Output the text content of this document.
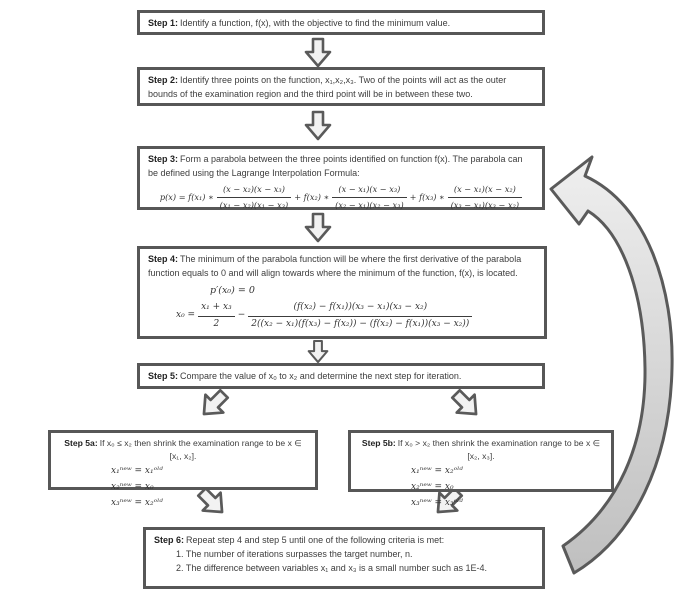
Step 1: Identify a function, f(x), with the objective to find the minimum value.
Step 2: Identify three points on the function, x₁,x₂,x₃. Two of the points will act as the outer bounds of the examination region and the third point will be in between these two.
Step 3: Form a parabola between the three points identified on function f(x). The parabola can be defined using the Lagrange Interpolation Formula:
p(x) = f(x₁) ∗ $\frac{\text{(x − x₂)(x − x₃)}}{\text{(x₁ − x₂)(x₁ − x₃)}} + f(x_2)$ ∗ $\frac{\text{(x − x₁)(x − x₃)}}{\text{(x₂ − x₁)(x₂ − x₃)}} + f(x_3)$ ∗ $\frac{\text{(x − x₁)(x − x₂)}}{\text{(x₃ − x₁)(x₃ − x₂)}}$
Step 4: The minimum of the parabola function will be where the first derivative of the parabola function equals to 0 and will align towards where the minimum of the function, f(x), is located.
p′(x₀) = 0
$x_0 = \frac{\text{x₁ + x₃}}{2} - \frac{\text{(f(x₂) − f(x₁))(x₃ − x₁)(x₃ − x₂)}}{\text{2((x₂ − x₁)(f(x₃) − f(x₂)) − (f(x₂) − f(x₁))(x₃ − x₂))}}$
Step 5: Compare the value of x₀ to x₂ and determine the next step for iteration.
Step 5a: If x₀ ≤ x₂ then shrink the examination range to be x ∈ [x₁, x₂].
x₁ⁿᵉʷ = x₁ᵒˡᵈ
x₂ⁿᵉʷ = x₀
x₃ⁿᵉʷ = x₂ᵒˡᵈ
Step 5b: If x₀ > x₂ then shrink the examination range to be x ∈ [x₂, x₃].
x₁ⁿᵉʷ = x₂ᵒˡᵈ
x₂ⁿᵉʷ = x₀
x₃ⁿᵉʷ = x₃ᵒˡᵈ
Step 6: Repeat step 4 and step 5 until one of the following criteria is met:
1. The number of iterations surpasses the target number, n.
2. The difference between variables x₁ and x₃ is a small number such as 1E-4.
